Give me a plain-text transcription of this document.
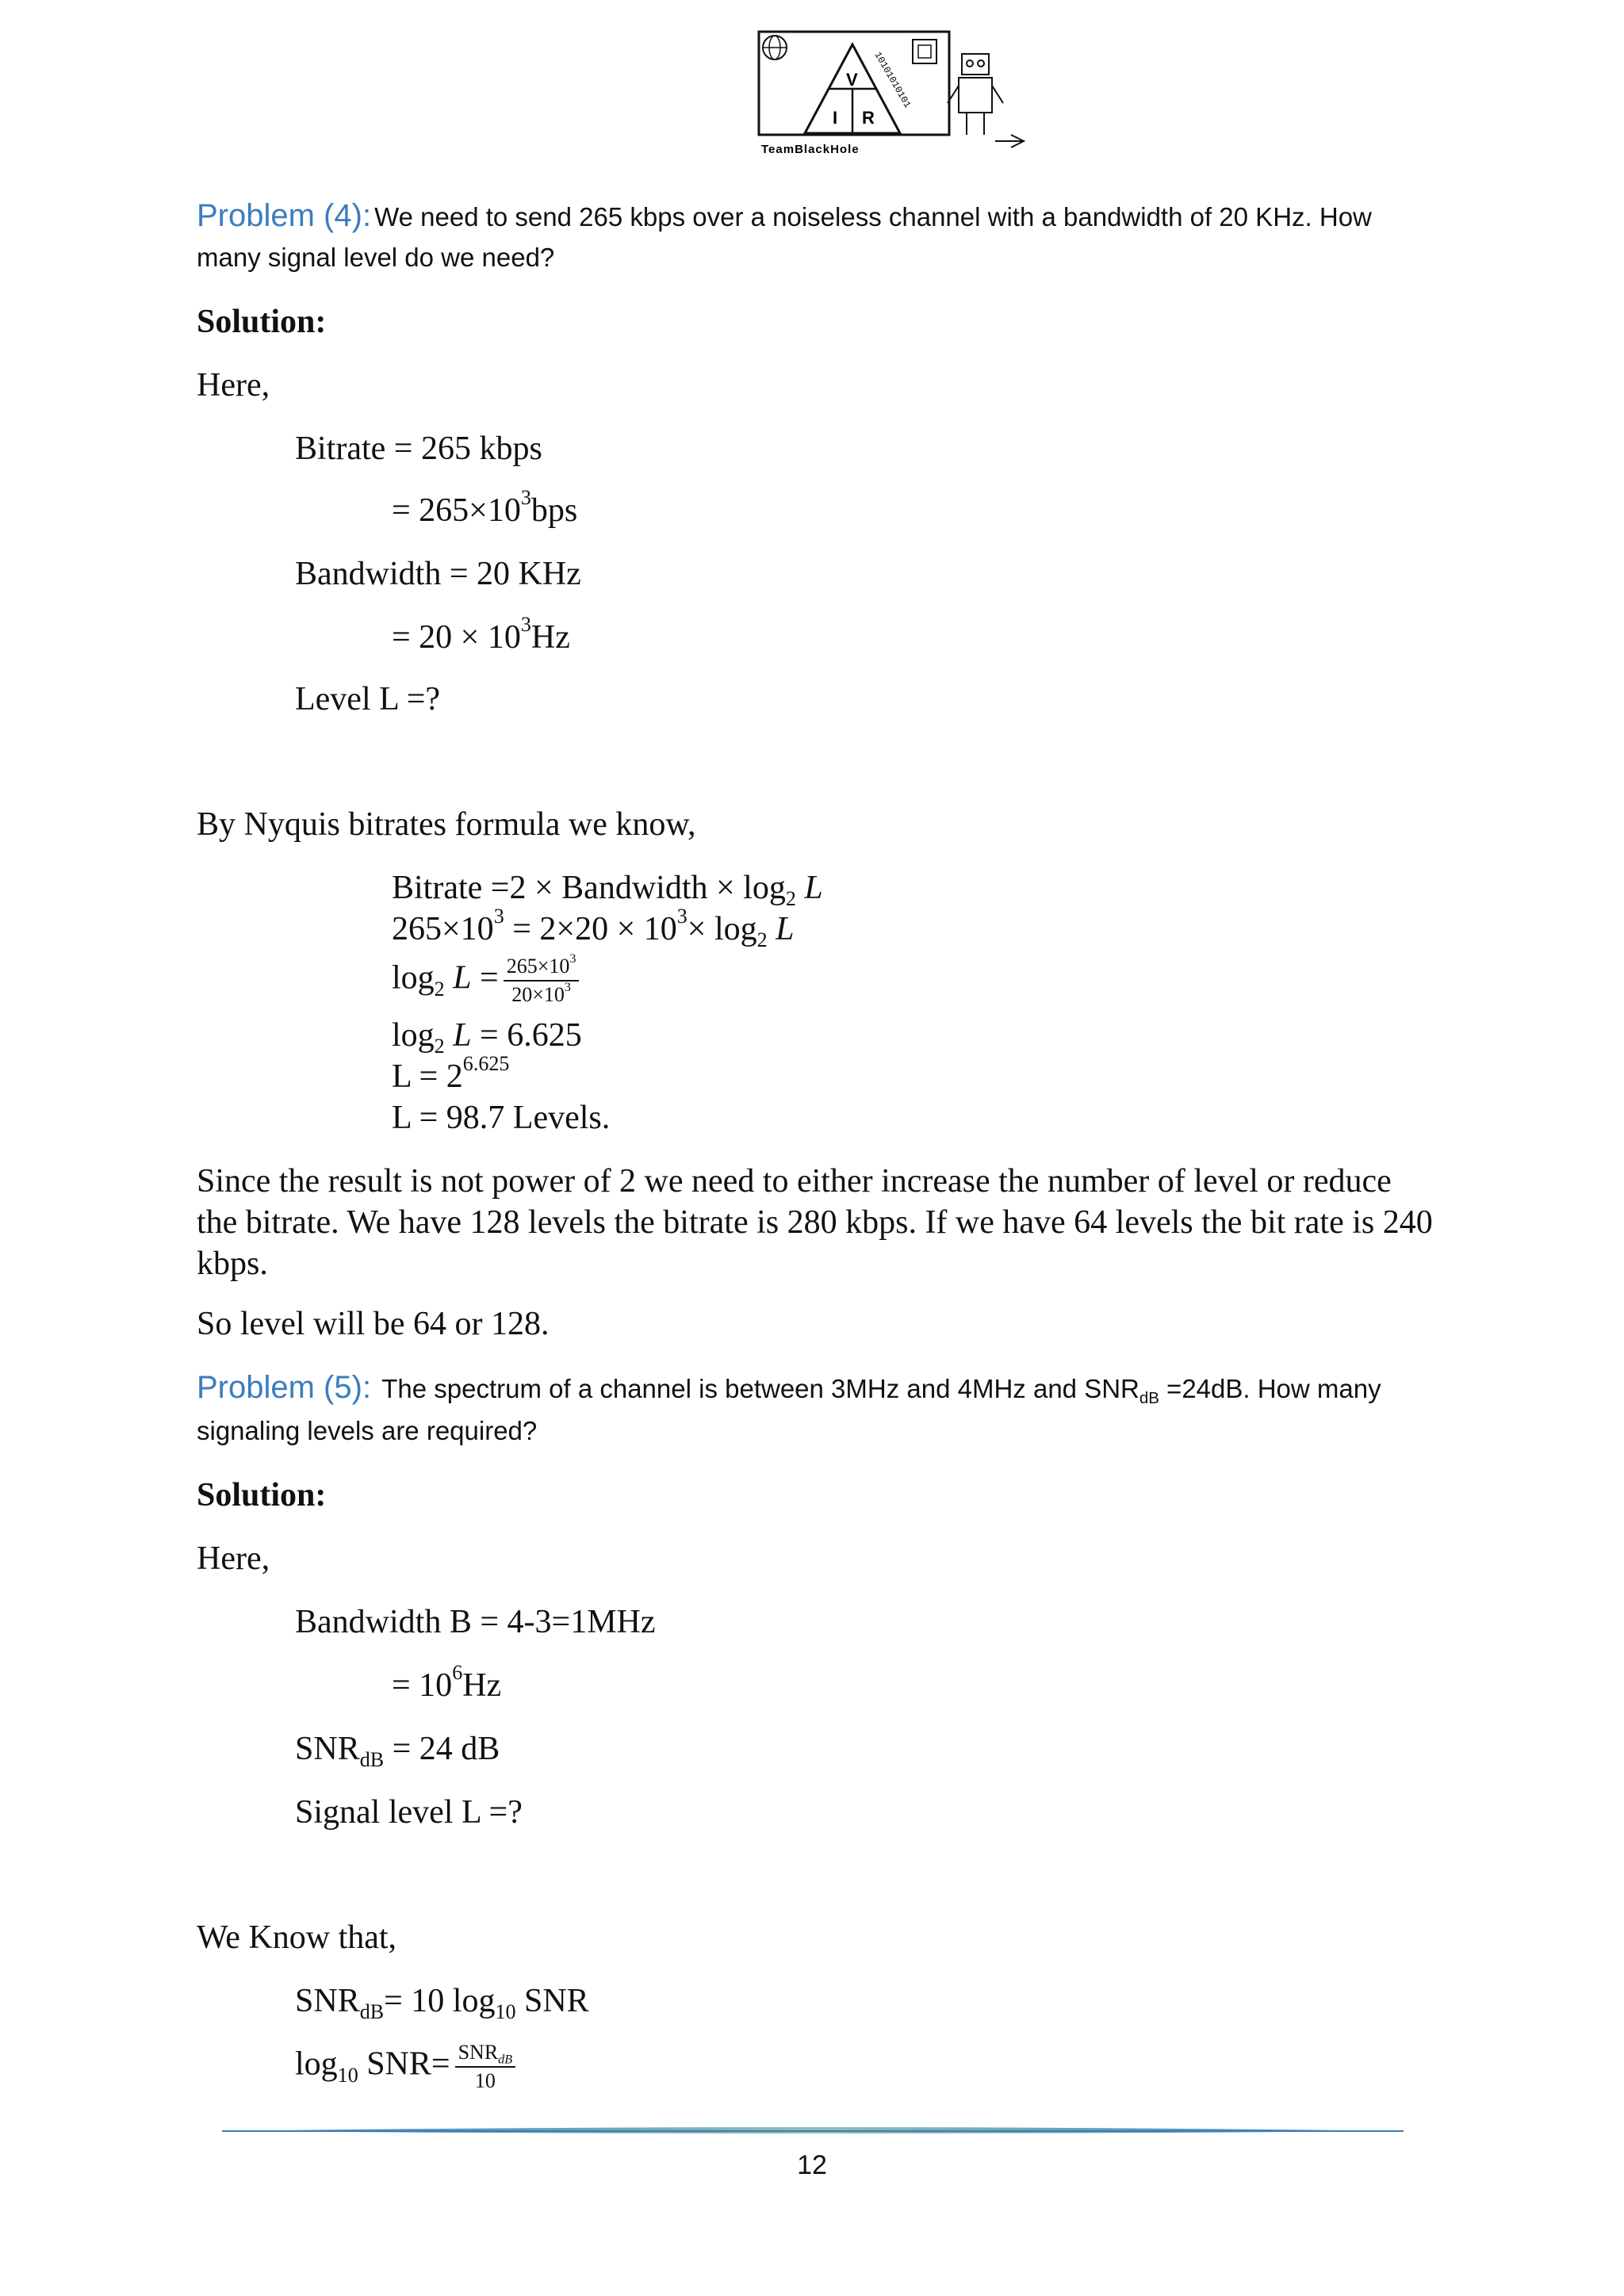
V
I R
10101010101
TeamBlackHole
Problem (4): We need to send 265 kbps over a noiseless channel with a bandwidth of 20 KHz. How
many signal level do we need?
Solution:
Here,
Bitrate = 265 kbps
= $265\times 10^3bps$
Bandwidth = 20 KHz
= $20 \times 10^3Hz$
Level L =?
By Nyquis bitrates formula we know,
Bitrate =2 × Bandwidth × $\log_2 L$
$265\times 10^3 = 2\times 20 \times 10^3\times \log_2 L$
$\log_2 L = \frac{265\times 10^3}{20\times 10^3}$
$\log_2 L = 6.625$
$L = 2^{6.625}$
L = 98.7 Levels.
Since the result is not power of 2 we need to either increase the number of level or reduce the bitrate. We have 128 levels the bitrate is 280 kbps. If we have 64 levels the bit rate is 240 kbps.
So level will be 64 or 128.
Problem (5): The spectrum of a channel is between 3MHz and 4MHz and $SNR_{dB} =24dB$. How many
signaling levels are required?
Solution:
Here,
Bandwidth B = 4-3=1MHz
= $10^6Hz$
$SNR_{dB} = 24$ dB
Signal level L =?
We Know that,
$SNR_{dB}= 10$ $\log_{10}$ SNR
$\log_{10} SNR= \frac{SNR_{dB}}{10}$
12
